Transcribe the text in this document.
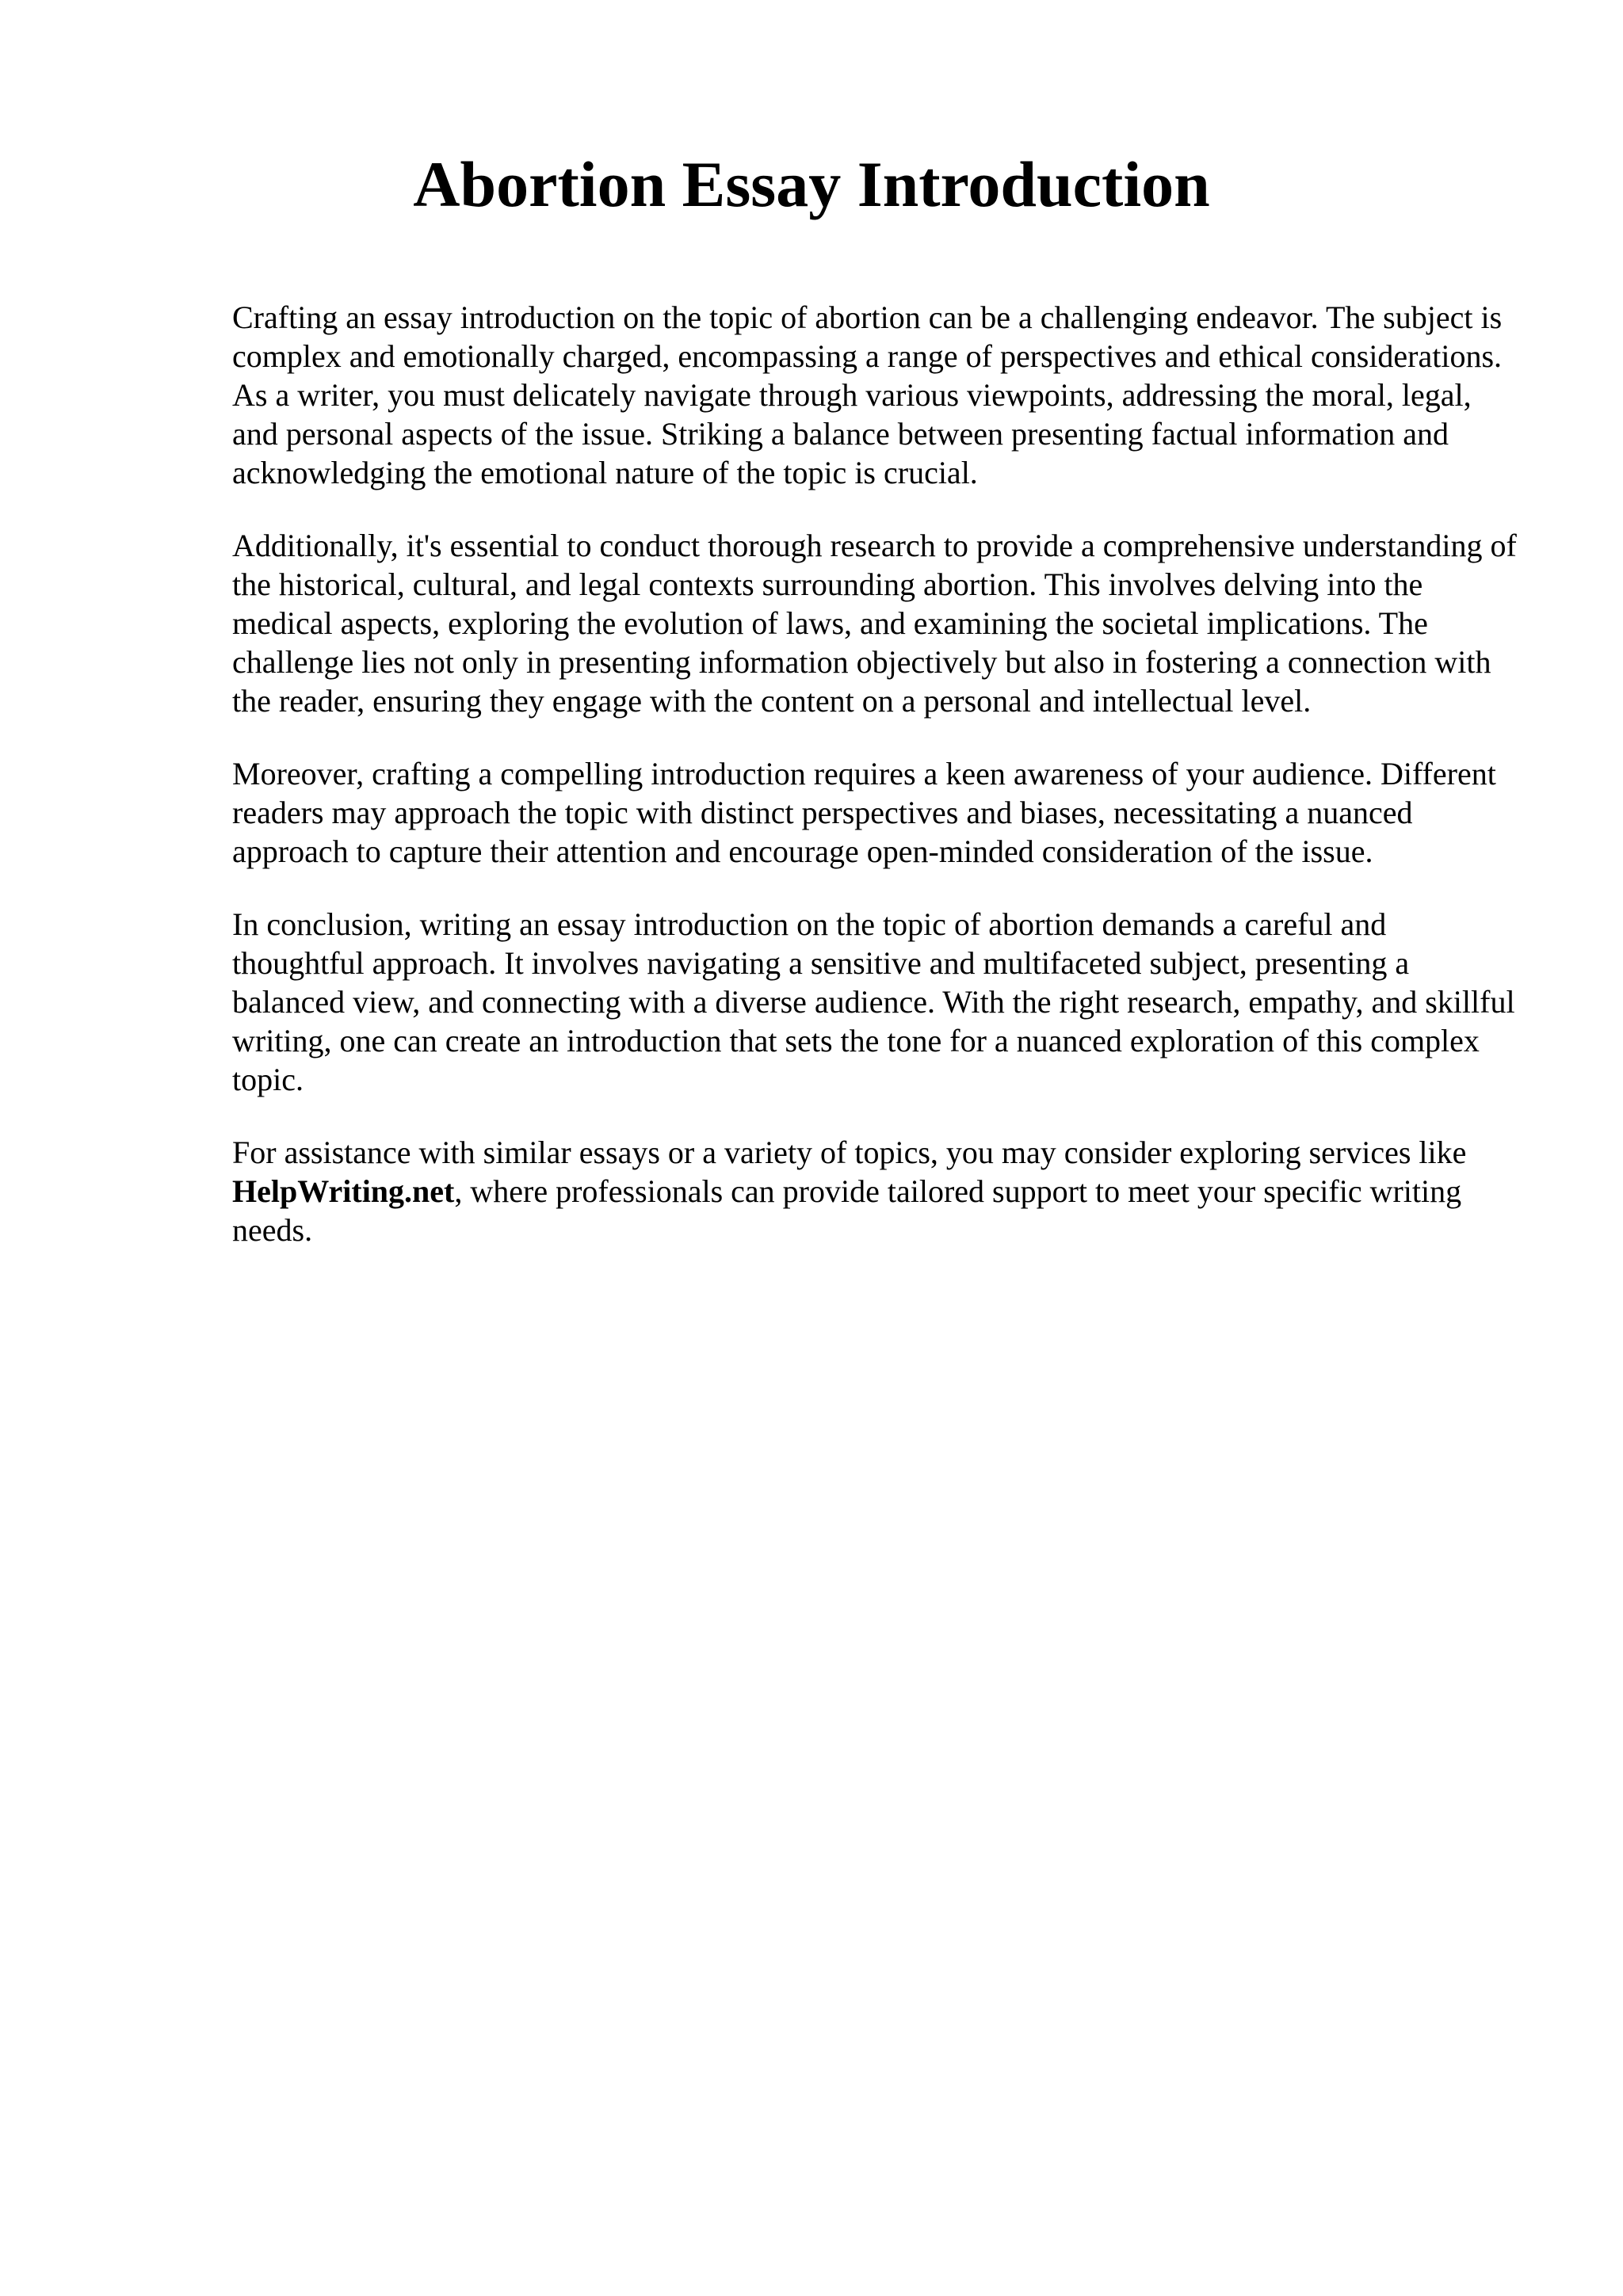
Abortion Essay Introduction

Crafting an essay introduction on the topic of abortion can be a challenging endeavor. The subject is complex and emotionally charged, encompassing a range of perspectives and ethical considerations. As a writer, you must delicately navigate through various viewpoints, addressing the moral, legal, and personal aspects of the issue. Striking a balance between presenting factual information and acknowledging the emotional nature of the topic is crucial.

Additionally, it's essential to conduct thorough research to provide a comprehensive understanding of the historical, cultural, and legal contexts surrounding abortion. This involves delving into the medical aspects, exploring the evolution of laws, and examining the societal implications. The challenge lies not only in presenting information objectively but also in fostering a connection with the reader, ensuring they engage with the content on a personal and intellectual level.

Moreover, crafting a compelling introduction requires a keen awareness of your audience. Different readers may approach the topic with distinct perspectives and biases, necessitating a nuanced approach to capture their attention and encourage open-minded consideration of the issue.

In conclusion, writing an essay introduction on the topic of abortion demands a careful and thoughtful approach. It involves navigating a sensitive and multifaceted subject, presenting a balanced view, and connecting with a diverse audience. With the right research, empathy, and skillful writing, one can create an introduction that sets the tone for a nuanced exploration of this complex topic.

For assistance with similar essays or a variety of topics, you may consider exploring services like HelpWriting.net, where professionals can provide tailored support to meet your specific writing needs.
